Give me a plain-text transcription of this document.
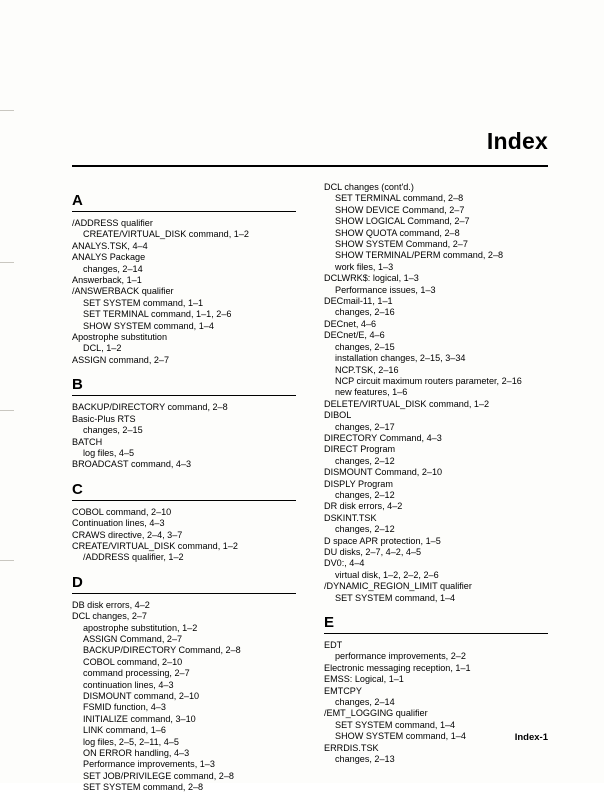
Index
A
/ADDRESS qualifier
CREATE/VIRTUAL_DISK command, 1–2
ANALYS.TSK, 4–4
ANALYS Package
changes, 2–14
Answerback, 1–1
/ANSWERBACK qualifier
SET SYSTEM command, 1–1
SET TERMINAL command, 1–1, 2–6
SHOW SYSTEM command, 1–4
Apostrophe substitution
DCL, 1–2
ASSIGN command, 2–7
B
BACKUP/DIRECTORY command, 2–8
Basic-Plus RTS
changes, 2–15
BATCH
log files, 4–5
BROADCAST command, 4–3
C
COBOL command, 2–10
Continuation lines, 4–3
CRAWS directive, 2–4, 3–7
CREATE/VIRTUAL_DISK command, 1–2
/ADDRESS qualifier, 1–2
D
DB disk errors, 4–2
DCL changes, 2–7
apostrophe substitution, 1–2
ASSIGN Command, 2–7
BACKUP/DIRECTORY Command, 2–8
COBOL command, 2–10
command processing, 2–7
continuation lines, 4–3
DISMOUNT command, 2–10
FSMID function, 4–3
INITIALIZE command, 3–10
LINK command, 1–6
log files, 2–5, 2–11, 4–5
ON ERROR handling, 4–3
Performance improvements, 1–3
SET JOB/PRIVILEGE command, 2–8
SET SYSTEM command, 2–8
DCL changes (cont'd.)
SET TERMINAL command, 2–8
SHOW DEVICE Command, 2–7
SHOW LOGICAL Command, 2–7
SHOW QUOTA command, 2–8
SHOW SYSTEM Command, 2–7
SHOW TERMINAL/PERM command, 2–8
work files, 1–3
DCLWRK$: logical, 1–3
Performance issues, 1–3
DECmail-11, 1–1
changes, 2–16
DECnet, 4–6
DECnet/E, 4–6
changes, 2–15
installation changes, 2–15, 3–34
NCP.TSK, 2–16
NCP circuit maximum routers parameter, 2–16
new features, 1–6
DELETE/VIRTUAL_DISK command, 1–2
DIBOL
changes, 2–17
DIRECTORY Command, 4–3
DIRECT Program
changes, 2–12
DISMOUNT Command, 2–10
DISPLY Program
changes, 2–12
DR disk errors, 4–2
DSKINT.TSK
changes, 2–12
D space APR protection, 1–5
DU disks, 2–7, 4–2, 4–5
DV0:, 4–4
virtual disk, 1–2, 2–2, 2–6
/DYNAMIC_REGION_LIMIT qualifier
SET SYSTEM command, 1–4
E
EDT
performance improvements, 2–2
Electronic messaging reception, 1–1
EMSS: Logical, 1–1
EMTCPY
changes, 2–14
/EMT_LOGGING qualifier
SET SYSTEM command, 1–4
SHOW SYSTEM command, 1–4
ERRDIS.TSK
changes, 2–13
Index-1
